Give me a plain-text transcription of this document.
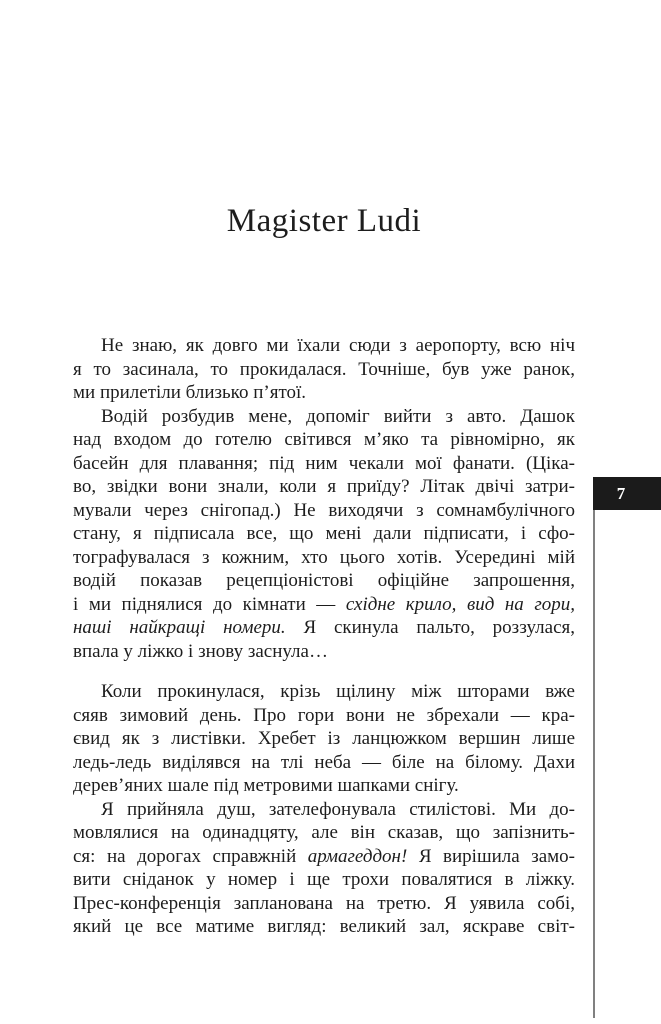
Magister Ludi
Не знаю, як довго ми їхали сюди з аеропорту, всю ніч
я то засинала, то прокидалася. Точніше, був уже ранок,
ми прилетіли близько п’ятої.
Водій розбудив мене, допоміг вийти з авто. Дашок
над входом до готелю світився м’яко та рівномірно, як
басейн для плавання; під ним чекали мої фанати. (Ціка-
во, звідки вони знали, коли я приїду? Літак двічі затри-
мували через снігопад.) Не виходячи з сомнамбулічного
стану, я підписала все, що мені дали підписати, і сфо-
тографувалася з кожним, хто цього хотів. Усередині мій
водій показав рецепціоністові офіційне запрошення,
і ми піднялися до кімнати — східне крило, вид на гори,
наші найкращі номери. Я скинула пальто, роззулася,
впала у ліжко і знову заснула…
Коли прокинулася, крізь щілину між шторами вже
сяяв зимовий день. Про гори вони не збрехали — кра-
євид як з листівки. Хребет із ланцюжком вершин лише
ледь-ледь виділявся на тлі неба — біле на білому. Дахи
дерев’яних шале під метровими шапками снігу.
Я прийняла душ, зателефонувала стилістові. Ми до-
мовлялися на одинадцяту, але він сказав, що запізнить-
ся: на дорогах справжній армагеддон! Я вирішила замо-
вити сніданок у номер і ще трохи повалятися в ліжку.
Прес-конференція запланована на третю. Я уявила собі,
який це все матиме вигляд: великий зал, яскраве світ-
7
